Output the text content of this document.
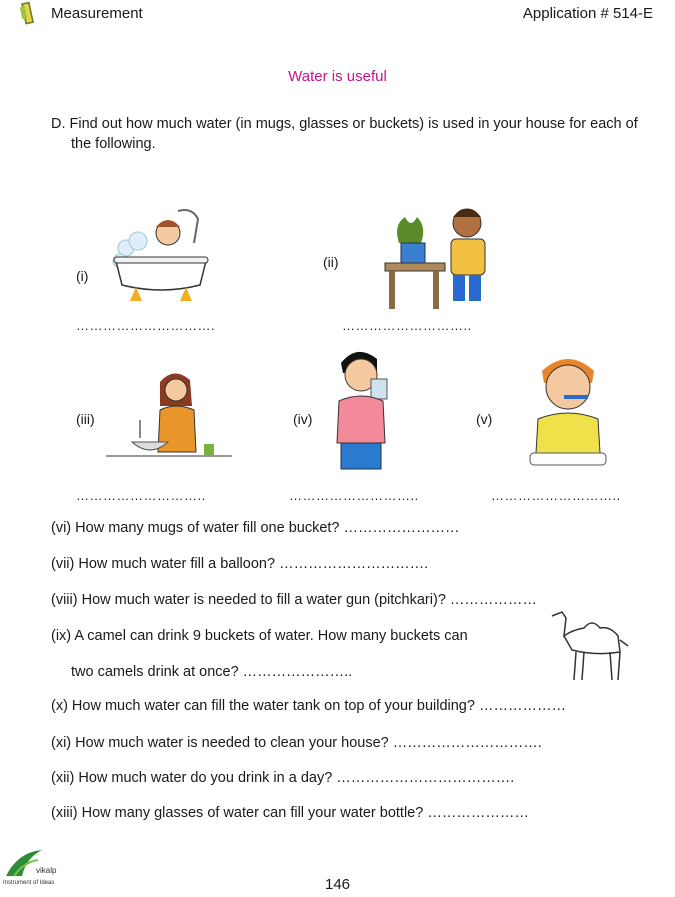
Measurement	Application # 514-E
Water is useful
D. Find out how much water (in mugs, glasses or buckets) is used in your house for each of
the following.
(i)
………………………….
(ii)
………………………..
(iii)
………………………..
(iv)
………………………..
(v)
………………………..
(vi) How many mugs of water fill one bucket? ……………………
(vii) How much water fill a balloon? ………………………….
(viii) How much water is needed to fill a water gun (pitchkari)? ………………
(ix) A camel can drink 9 buckets of water. How many buckets can
two camels drink at once? …………………..
(x) How much water can fill the water tank on top of your building? ………………
(xi) How much water is needed to clean your house? ………………………….
(xii) How much water do you drink in a day? ……………………………….
(xiii) How many glasses of water can fill your water bottle? …………………
vikalp
Instrument of Ideas	146
